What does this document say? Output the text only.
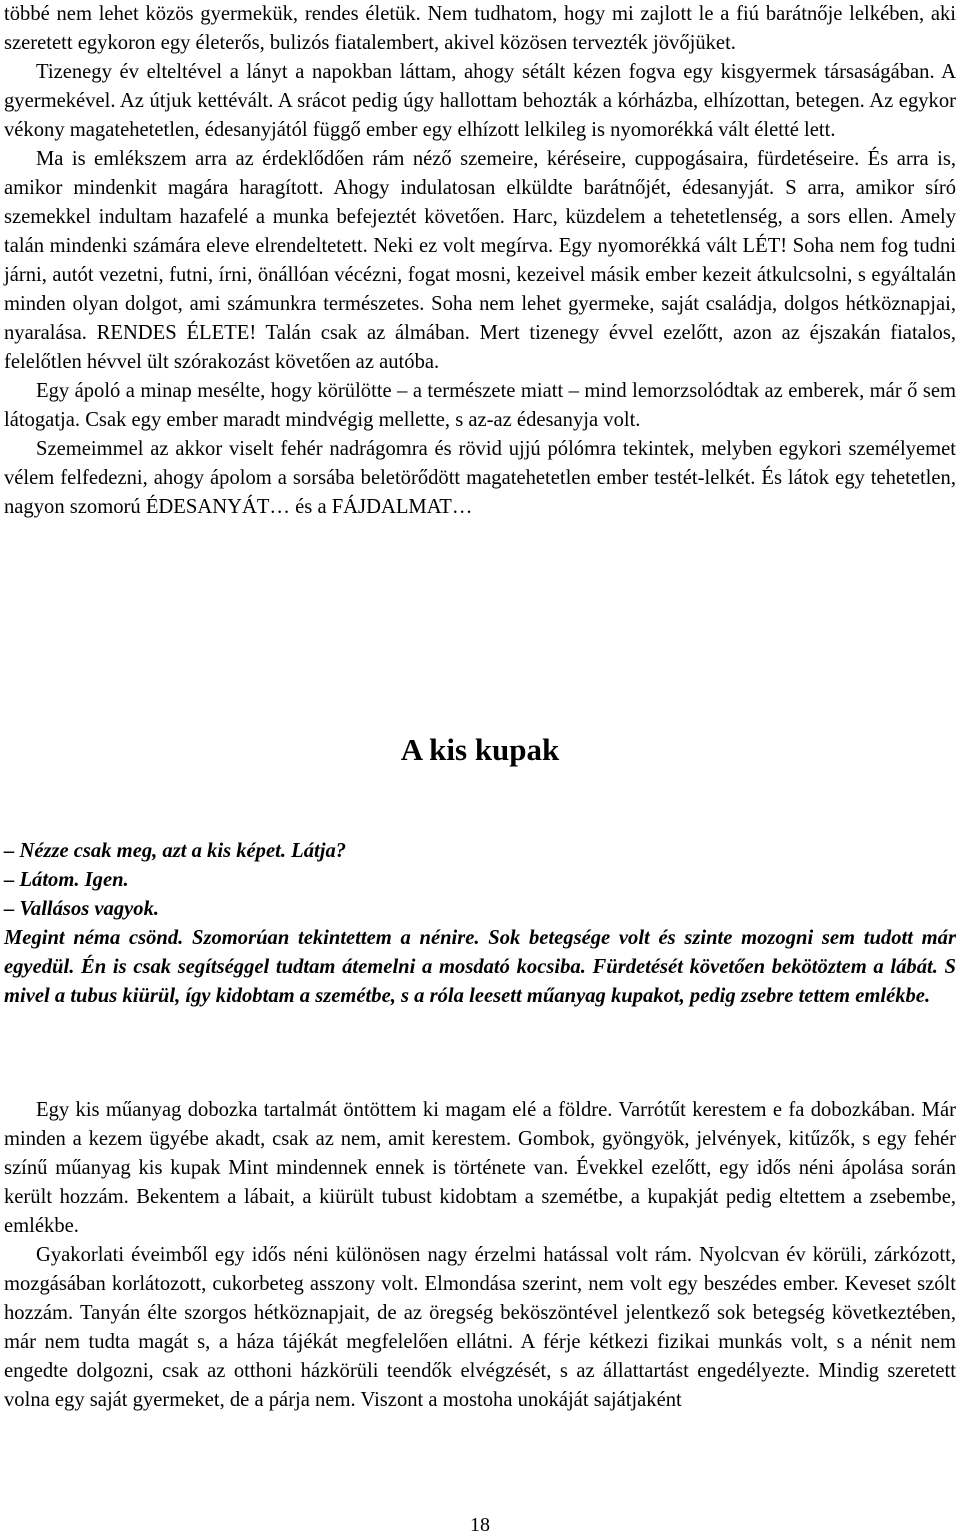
többé nem lehet közös gyermekük, rendes életük. Nem tudhatom, hogy mi zajlott le a fiú barátnője lelkében, aki szeretett egykoron egy életerős, bulizós fiatalembert, akivel közösen tervezték jövőjüket.

Tizenegy év elteltével a lányt a napokban láttam, ahogy sétált kézen fogva egy kisgyermek társaságában. A gyermekével. Az útjuk kettévált. A srácot pedig úgy hallottam behozták a kórházba, elhízottan, betegen. Az egykor vékony magatehetetlen, édesanyjától függő ember egy elhízott lelkileg is nyomorékká vált életté lett.

Ma is emlékszem arra az érdeklődően rám néző szemeire, kéréseire, cuppogásaira, fürdetéseire. És arra is, amikor mindenkit magára haragított. Ahogy indulatosan elküldte barátnőjét, édesanyját. S arra, amikor síró szemekkel indultam hazafelé a munka befejeztét követően. Harc, küzdelem a tehetetlenség, a sors ellen. Amely talán mindenki számára eleve elrendeltetett. Neki ez volt megírva. Egy nyomorékká vált LÉT! Soha nem fog tudni járni, autót vezetni, futni, írni, önállóan vécézni, fogat mosni, kezeivel másik ember kezeit átkulcsolni, s egyáltalán minden olyan dolgot, ami számunkra természetes. Soha nem lehet gyermeke, saját családja, dolgos hétköznapjai, nyaralása. RENDES ÉLETE! Talán csak az álmában. Mert tizenegy évvel ezelőtt, azon az éjszakán fiatalos, felelőtlen hévvel ült szórakozást követően az autóba.

Egy ápoló a minap mesélte, hogy körülötte – a természete miatt – mind lemorzsolódtak az emberek, már ő sem látogatja. Csak egy ember maradt mindvégig mellette, s az-az édesanyja volt.

Szemeimmel az akkor viselt fehér nadrágomra és rövid ujjú pólómra tekintek, melyben egykori személyemet vélem felfedezni, ahogy ápolom a sorsába beletörődött magatehetetlen ember testét-lelkét. És látok egy tehetetlen, nagyon szomorú ÉDESANYÁT… és a FÁJDALMAT…

A kis kupak

– Nézze csak meg, azt a kis képet. Látja?

– Látom. Igen.

– Vallásos vagyok.

Megint néma csönd. Szomorúan tekintettem a nénire. Sok betegsége volt és szinte mozogni sem tudott már egyedül. Én is csak segítséggel tudtam átemelni a mosdató kocsiba. Fürdetését követően bekötöztem a lábát. S mivel a tubus kiürül, így kidobtam a szemétbe, s a róla leesett műanyag kupakot, pedig zsebre tettem emlékbe.

Egy kis műanyag dobozka tartalmát öntöttem ki magam elé a földre. Varrótűt kerestem e fa dobozkában. Már minden a kezem ügyébe akadt, csak az nem, amit kerestem. Gombok, gyöngyök, jelvények, kitűzők, s egy fehér színű műanyag kis kupak Mint mindennek ennek is története van. Évekkel ezelőtt, egy idős néni ápolása során került hozzám. Bekentem a lábait, a kiürült tubust kidobtam a szemétbe, a kupakját pedig eltettem a zsebembe, emlékbe.

Gyakorlati éveimből egy idős néni különösen nagy érzelmi hatással volt rám. Nyolcvan év körüli, zárkózott, mozgásában korlátozott, cukorbeteg asszony volt. Elmondása szerint, nem volt egy beszédes ember. Keveset szólt hozzám. Tanyán élte szorgos hétköznapjait, de az öregség beköszöntével jelentkező sok betegség következtében, már nem tudta magát s, a háza tájékát megfelelően ellátni. A férje kétkezi fizikai munkás volt, s a nénit nem engedte dolgozni, csak az otthoni házkörüli teendők elvégzését, s az állattartást engedélyezte. Mindig szeretett volna egy saját gyermeket, de a párja nem. Viszont a mostoha unokáját sajátjaként

18
